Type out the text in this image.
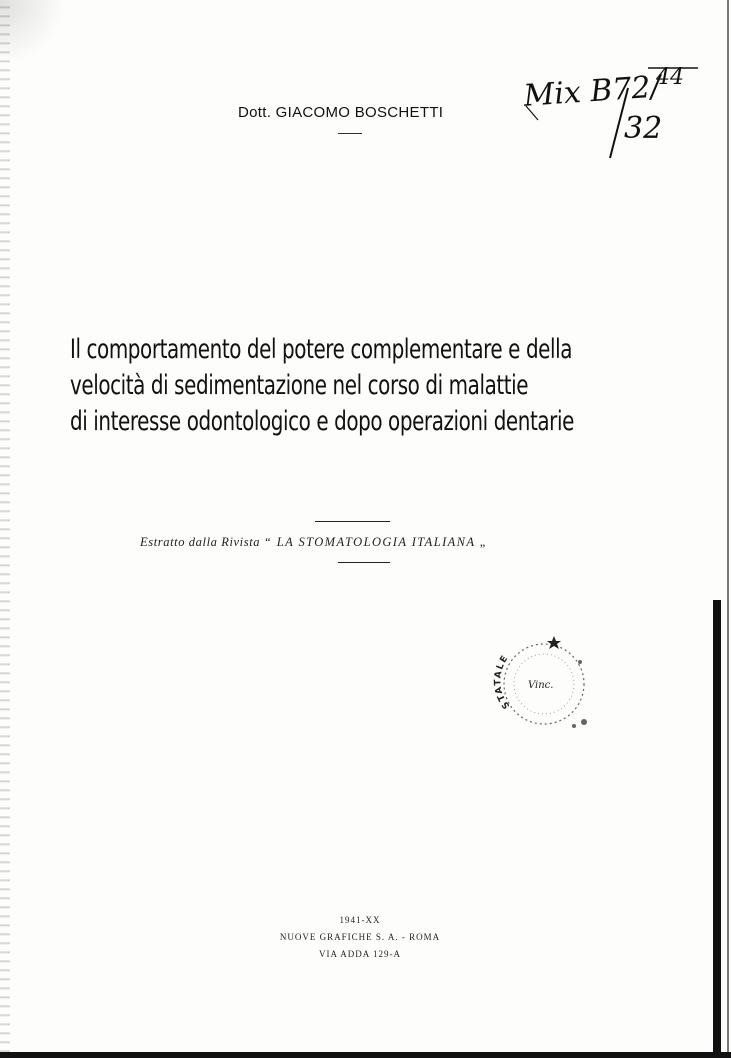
Dott. GIACOMO BOSCHETTI	Mix B72/
44
32
Il comportamento del potere complementare e della
velocità di sedimentazione nel corso di malattie
di interesse odontologico e dopo operazioni dentarie
Estratto dalla Rivista “ LA STOMATOLOGIA ITALIANA „
STATALE
Vinc.
1941-XX
NUOVE GRAFICHE S. A. - ROMA
VIA ADDA 129-A
